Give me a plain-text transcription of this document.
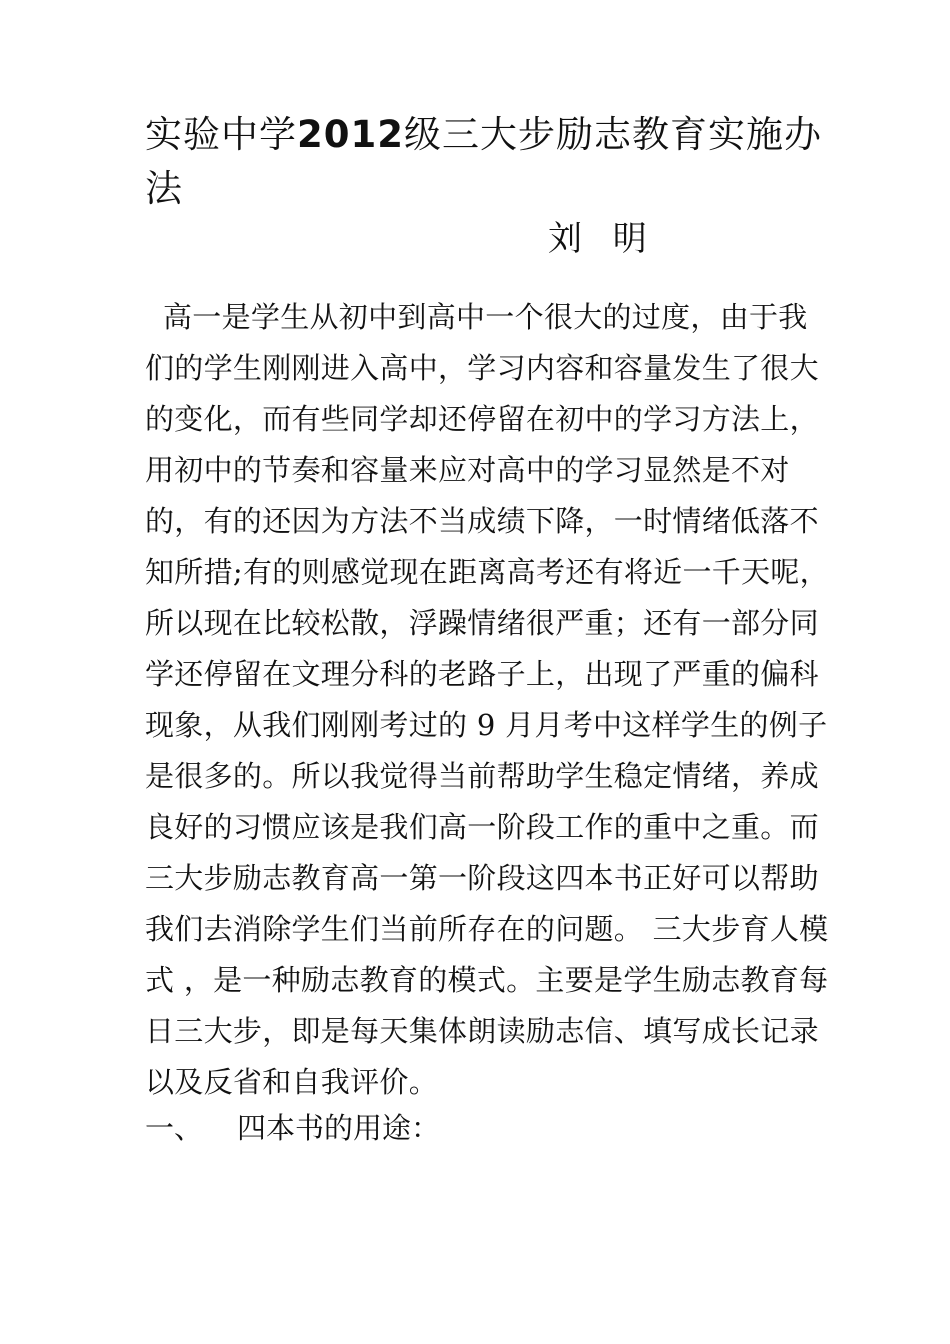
实验中学2012级三大步励志教育实施办法

刘 明

高一是学生从初中到高中一个很大的过度，由于我
们的学生刚刚进入高中，学习内容和容量发生了很大
的变化，而有些同学却还停留在初中的学习方法上，
用初中的节奏和容量来应对高中的学习显然是不对
的，有的还因为方法不当成绩下降，一时情绪低落不
知所措;有的则感觉现在距离高考还有将近一千天呢，
所以现在比较松散，浮躁情绪很严重；还有一部分同
学还停留在文理分科的老路子上，出现了严重的偏科
现象，从我们刚刚考过的 9 月月考中这样学生的例子
是很多的。所以我觉得当前帮助学生稳定情绪，养成
良好的习惯应该是我们高一阶段工作的重中之重。而
三大步励志教育高一第一阶段这四本书正好可以帮助
我们去消除学生们当前所存在的问题。 三大步育人模
式 ，是一种励志教育的模式。主要是学生励志教育每
日三大步，即是每天集体朗读励志信、填写成长记录
以及反省和自我评价。
一、 四本书的用途：
